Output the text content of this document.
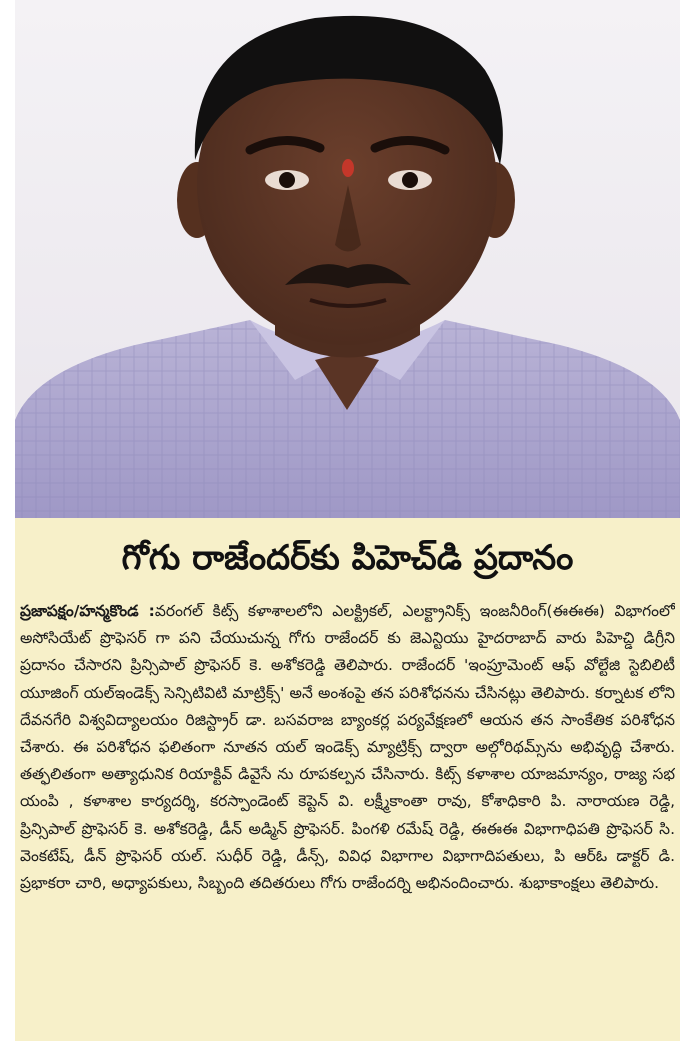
గోగు రాజేందర్‌కు పిహెచ్‌డి ప్రదానం
ప్రజాపక్షం/హన్మకొండ :వరంగల్ కిట్స్ కళాశాలలోని ఎలక్ట్రికల్, ఎలక్ట్రానిక్స్ ఇంజనీరింగ్(ఈఈఈ) విభాగంలో అసోసియేట్ ప్రొఫెసర్ గా పని చేయుచున్న గోగు రాజేందర్ కు జెఎన్టియు హైదరాబాద్ వారు పిహెచ్డి డిగ్రీని ప్రదానం చేసారని ప్రిన్సిపాల్ ప్రొఫెసర్ కె. అశోకరెడ్డి తెలిపారు. రాజేందర్ 'ఇంప్రూమెంట్ ఆఫ్ వోల్టేజి స్టెబిలిటీ యూజింగ్ యల్ఇండెక్స్ సెన్సిటివిటి మాట్రిక్స్' అనే అంశంపై తన పరిశోధనను చేసినట్లు తెలిపారు. కర్నాటక లోని దేవనగేరి విశ్వవిద్యాలయం రిజిస్ట్రార్ డా. బసవరాజ బ్యాంకర్ల పర్యవేక్షణలో ఆయన తన సాంకేతిక పరిశోధన చేశారు. ఈ పరిశోధన ఫలితంగా నూతన యల్ ఇండెక్స్ మ్యాట్రిక్స్ ద్వారా అల్గోరిథమ్స్‌ను అభివృద్ధి చేశారు. తత్ఫలితంగా అత్యాధునిక రియాక్టివ్ డివైసే ను రూపకల్పన చేసినారు. కిట్స్ కళాశాల యాజమాన్యం, రాజ్య సభ యంపి , కళాశాల కార్యదర్శి, కరస్పాండెంట్ కెప్టెన్ వి. లక్ష్మీకాంతా రావు, కోశాధికారి పి. నారాయణ రెడ్డి, ప్రిన్సిపాల్ ప్రొఫెసర్ కె. అశోకరెడ్డి, డీన్ అడ్మిన్ ప్రొఫెసర్. పింగళి రమేష్ రెడ్డి, ఈఈఈ విభాగాధిపతి ప్రొఫెసర్ సి. వెంకటేష్, డీన్ ప్రొఫెసర్ యల్. సుధీర్ రెడ్డి, డీన్స్, వివిధ విభాగాల విభాగాదిపతులు, పి ఆర్ఓ డాక్టర్ డి. ప్రభాకరా చారి, అధ్యాపకులు, సిబ్బంది తదితరులు గోగు రాజేందర్ని అభినందించారు. శుభాకాంక్షలు తెలిపారు.
